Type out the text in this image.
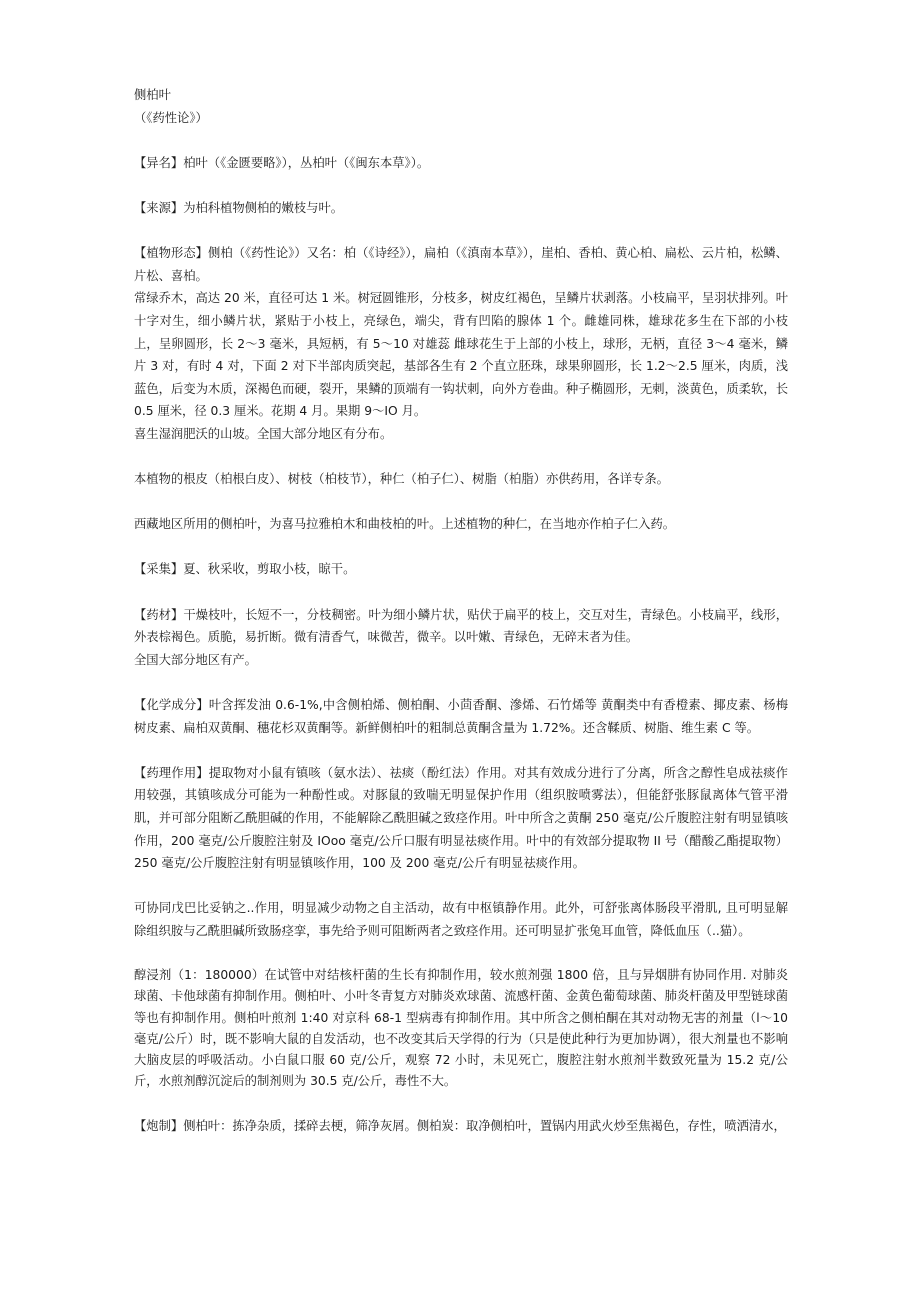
侧柏叶

（《药性论》）

【异名】柏叶（《金匮要略》），丛柏叶（《闽东本草》）。

【来源】为柏科植物侧柏的嫩枝与叶。

【植物形态】侧柏（《药性论》）又名：柏（《诗经》），扁柏（《滇南本草》），崖柏、香柏、黄心柏、扁松、云片柏，松鳞、片松、喜柏。

常绿乔木，高达 20 米，直径可达 1 米。树冠圆锥形，分枝多，树皮红褐色，呈鳞片状剥落。小枝扁平，呈羽状排列。叶十字对生，细小鳞片状，紧贴于小枝上，亮绿色，端尖，背有凹陷的腺体 1 个。雌雄同株，雄球花多生在下部的小枝上，呈卵圆形，长 2～3 毫米，具短柄，有 5～10 对雄蕊 雌球花生于上部的小枝上，球形，无柄，直径 3～4 毫米，鳞片 3 对，有时 4 对，下面 2 对下半部肉质突起，基部各生有 2 个直立胚珠，球果卵圆形，长 1.2～2.5 厘米，肉质，浅蓝色，后变为木质，深褐色而硬，裂开，果鳞的顶端有一钩状刺，向外方卷曲。种子椭圆形，无刺，淡黄色，质柔软，长 0.5 厘米，径 0.3 厘米。花期 4 月。果期 9～IO 月。

喜生湿润肥沃的山坡。全国大部分地区有分布。

本植物的根皮（柏根白皮）、树枝（柏枝节），种仁（柏子仁）、树脂（柏脂）亦供药用，各详专条。

西藏地区所用的侧柏叶，为喜马拉雅柏木和曲枝柏的叶。上述植物的种仁，在当地亦作柏子仁入药。

【采集】夏、秋采收，剪取小枝，晾干。

【药材】干燥枝叶，长短不一，分枝稠密。叶为细小鳞片状，贴伏于扁平的枝上，交互对生，青绿色。小枝扁平，线形，外表棕褐色。质脆，易折断。微有清香气，味微苦，微辛。以叶嫩、青绿色，无碎末者为佳。

全国大部分地区有产。

【化学成分】叶含挥发油 0.6-1%,中含侧柏烯、侧柏酮、小茴香酮、滲烯、石竹烯等 黄酮类中有香橙素、揶皮素、杨梅树皮素、扁柏双黄酮、穗花杉双黄酮等。新鲜侧柏叶的粗制总黄酮含量为 1.72%。还含鞣质、树脂、维生素 C 等。

【药理作用】提取物对小鼠有镇咳（氨水法）、祛痰（酚红法）作用。对其有效成分进行了分离，所含之醇性皂成祛痰作用较强，其镇咳成分可能为一种酚性或。对豚鼠的致喘无明显保护作用（组织胺喷雾法），但能舒张豚鼠离体气管平滑肌，并可部分阻断乙酰胆碱的作用，不能解除乙酰胆碱之致痉作用。叶中所含之黄酮 250 毫克/公斤腹腔注射有明显镇咳作用，200 毫克/公斤腹腔注射及 IOoo 毫克/公斤口服有明显祛痰作用。叶中的有效部分提取物 II 号（醋酸乙酯提取物）250 毫克/公斤腹腔注射有明显镇咳作用，100 及 200 毫克/公斤有明显祛痰作用。

可协同戊巴比妥钠之..作用，明显减少动物之自主活动，故有中枢镇静作用。此外，可舒张离体肠段平滑肌, 且可明显解除组织胺与乙酰胆碱所致肠痉挛，事先给予则可阻断两者之致痉作用。还可明显扩张兔耳血管，降低血压（..猫）。

醇浸剂（1：180000）在试管中对结核杆菌的生长有抑制作用，较水煎剂强 1800 倍，且与异烟肼有协同作用. 对肺炎球菌、卡他球菌有抑制作用。侧柏叶、小叶冬青复方对肺炎欢球菌、流感杆菌、金黄色葡萄球菌、肺炎杆菌及甲型链球菌等也有抑制作用。侧柏叶煎剂 1:40 对京科 68-1 型病毒有抑制作用。其中所含之侧柏酮在其对动物无害的剂量（l～10 毫克/公斤）时，既不影响大鼠的自发活动，也不改变其后天学得的行为（只是使此种行为更加协调），很大剂量也不影响大脑皮层的呼吸活动。小白鼠口服 60 克/公斤，观察 72 小时，未见死亡，腹腔注射水煎剂半数致死量为 15.2 克/公斤，水煎剂醇沉淀后的制剂则为 30.5 克/公斤，毒性不大。

【炮制】侧柏叶：拣净杂质，揉碎去梗，筛净灰屑。侧柏炭：取净侧柏叶，置锅内用武火炒至焦褐色，存性，喷洒清水，
